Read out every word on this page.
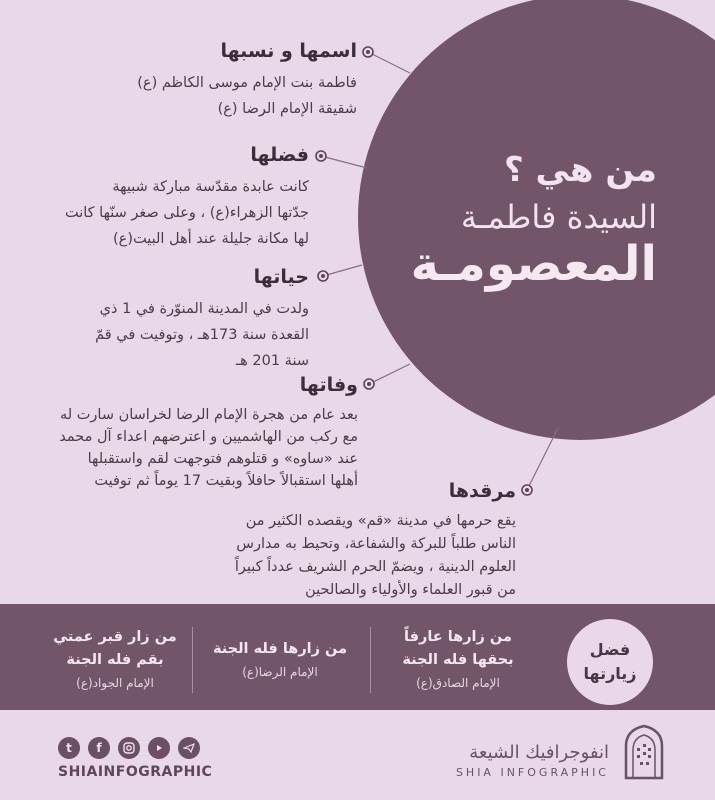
من هي ؟
السيدة فاطمـة
المعصومـة
اسمها و نسبها
فاطمة بنت الإمام موسى الكاظم (ع)
شقيقة الإمام الرضا (ع)
فضلها
كانت عابدة مقدّسة مباركة شبيهة
جدّتها الزهراء(ع) ، وعلى صغر سنّها كانت
لها مكانة جليلة عند أهل البيت(ع)
حياتها
ولدت في المدينة المنوّرة في 1 ذي
القعدة سنة 173هـ ، وتوفيت في قمّ
سنة 201 هـ
وفاتها
بعد عام من هجرة الإمام الرضا لخراسان سارت له
مع ركب من الهاشميين و اعترضهم اعداء آل محمد
عند «ساوه» و قتلوهم فتوجهت لقم واستقبلها
أهلها استقبالاً حافلاً وبقيت 17 يوماً ثم توفيت	مرقدها
يقع حرمها في مدينة «قم» ويقصده الكثير من
الناس طلباً للبركة والشفاعة، وتحيط به مدارس
العلوم الدينية ، ويضمّ الحرم الشريف عدداً كبيراً
من قبور العلماء والأولياء والصالحين
فضل
زيارتها
من زارها عارفاً
بحقها فله الجنة
الإمام الصادق(ع)
من زارها فله الجنة
الإمام الرضا(ع)
من زار قبر عمتي
بقم فله الجنة
الإمام الجواد(ع)
t	f
SHIAINFOGRAPHIC
انفوجرافيك الشيعة
SHIA INFOGRAPHIC
